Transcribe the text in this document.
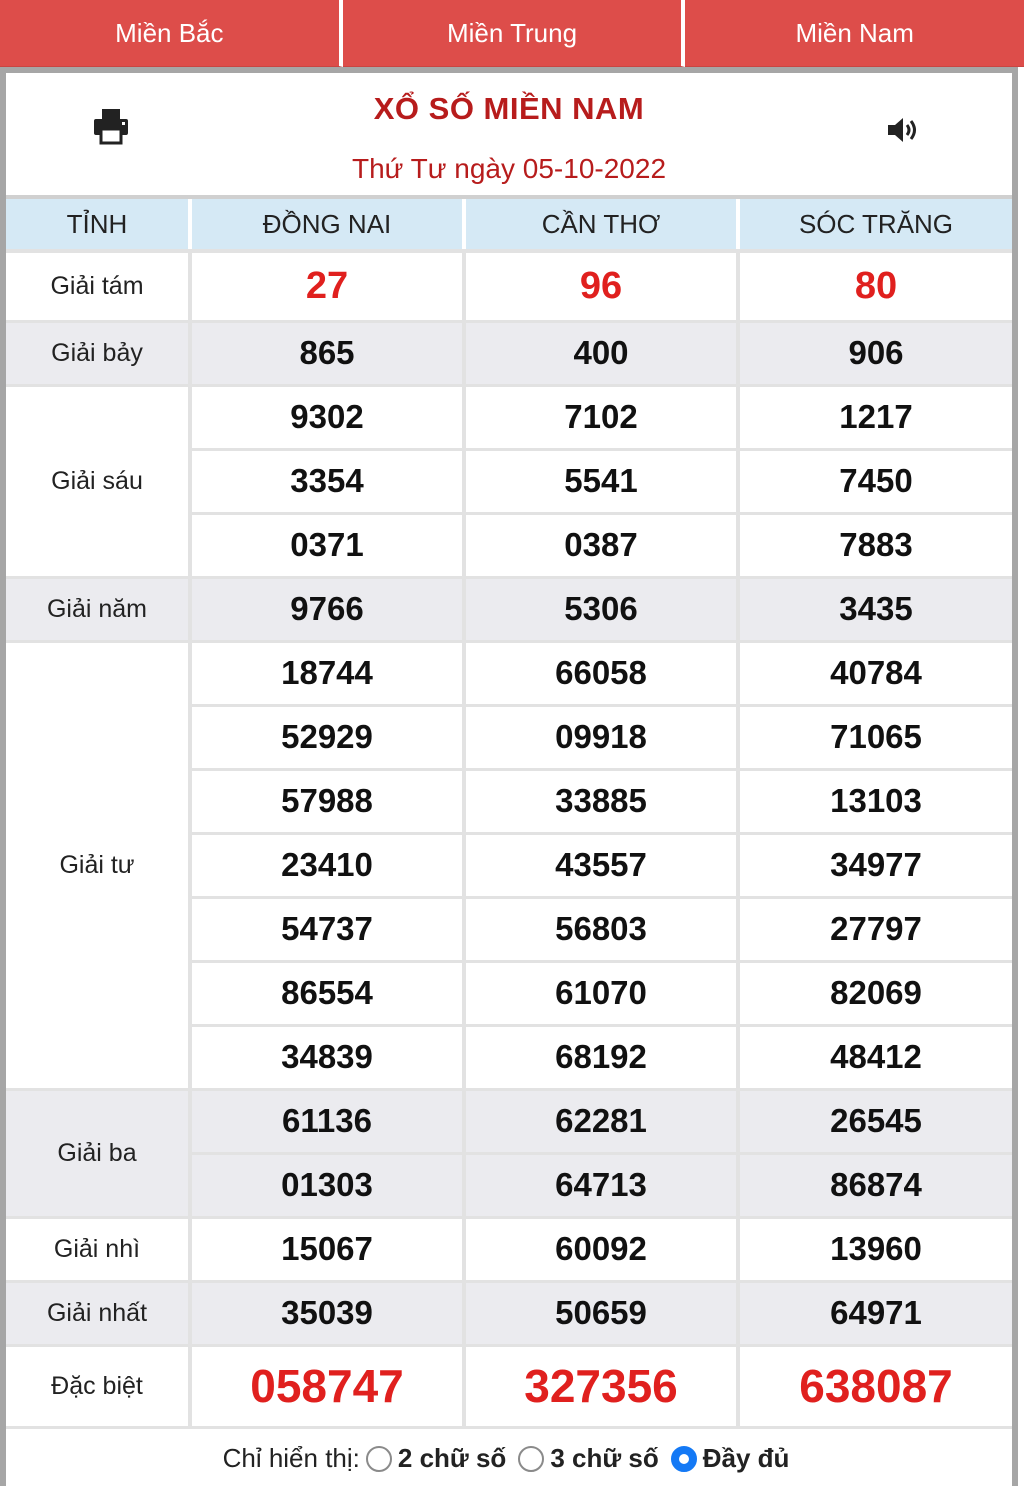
Miền Bắc	Miền Trung	Miền Nam
XỔ SỐ MIỀN NAM
Thứ Tư ngày 05-10-2022
TỈNH	ĐỒNG NAI	CẦN THƠ	SÓC TRĂNG
Giải tám	27	96	80
Giải bảy	865	400	906
Giải sáu	9302	7102	1217
	3354	5541	7450
	0371	0387	7883
Giải năm	9766	5306	3435
Giải tư	18744	66058	40784
	52929	09918	71065
	57988	33885	13103
	23410	43557	34977
	54737	56803	27797
	86554	61070	82069
	34839	68192	48412
Giải ba	61136	62281	26545
	01303	64713	86874
Giải nhì	15067	60092	13960
Giải nhất	35039	50659	64971
Đặc biệt	058747	327356	638087
Chỉ hiển thị: 2 chữ số 3 chữ số Đầy đủ
